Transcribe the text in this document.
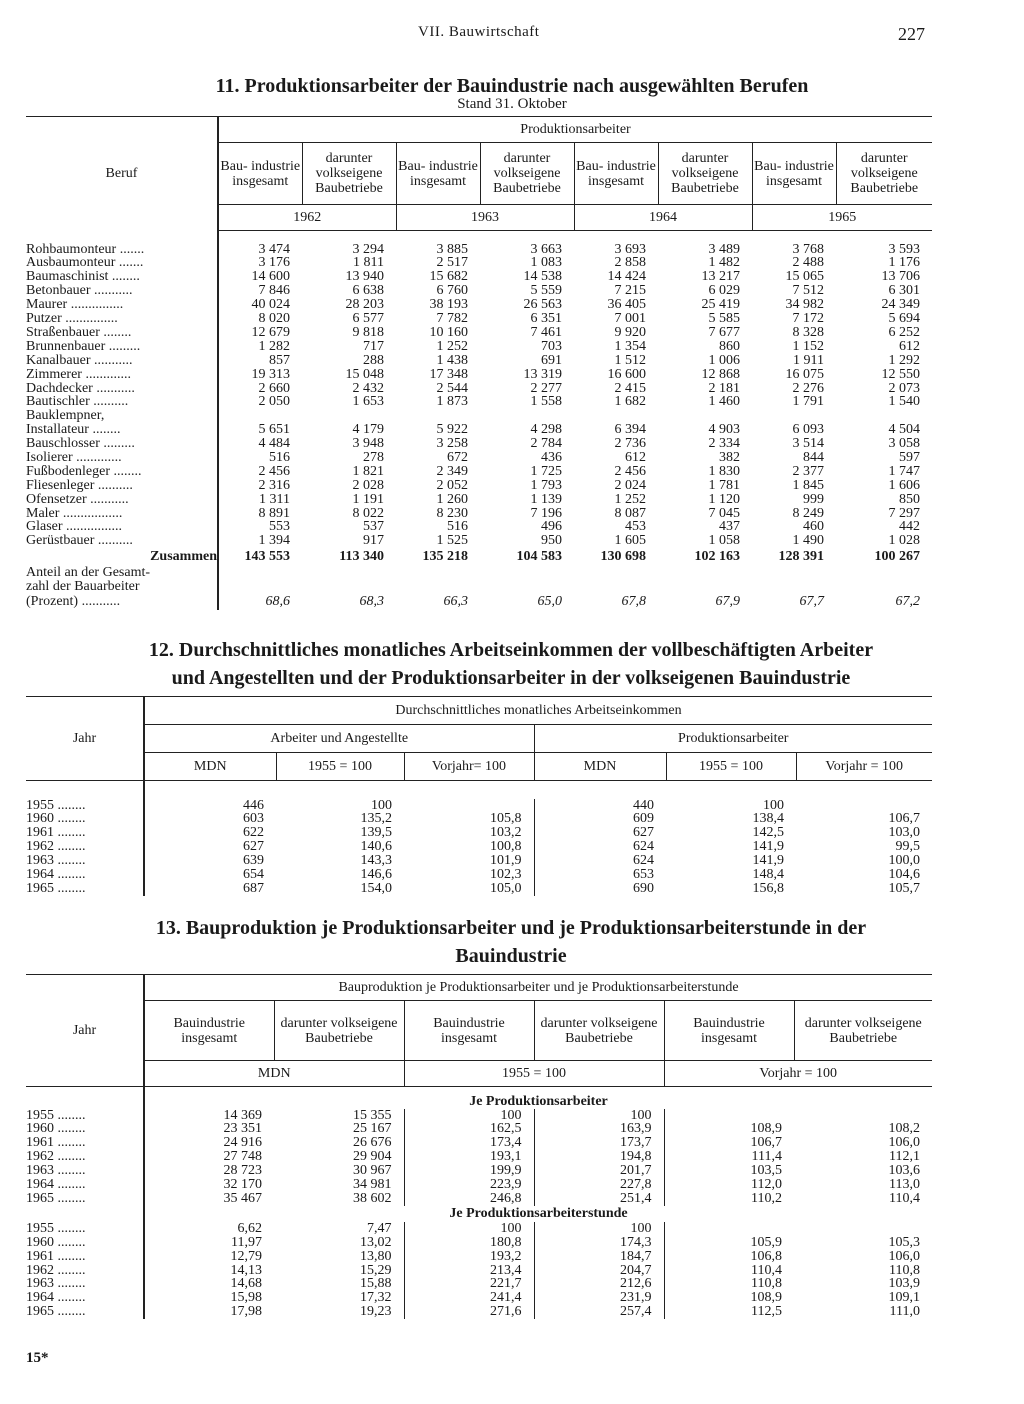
VII. Bauwirtschaft	227
11. Produktionsarbeiter der Bauindustrie nach ausgewählten Berufen
Stand 31. Oktober
Beruf	Produktionsarbeiter							
	Bau- industrie insgesamt	darunter volkseigene Baubetriebe	Bau- industrie insgesamt	darunter volkseigene Baubetriebe	Bau- industrie insgesamt	darunter volkseigene Baubetriebe	Bau- industrie insgesamt	darunter volkseigene Baubetriebe
	1962		1963		1964		1965	

Rohbaumonteur .......	3 474	3 294	3 885	3 663	3 693	3 489	3 768	3 593
Ausbaumonteur .......	3 176	1 811	2 517	1 083	2 858	1 482	2 488	1 176
Baumaschinist ........	14 600	13 940	15 682	14 538	14 424	13 217	15 065	13 706
Betonbauer ...........	7 846	6 638	6 760	5 559	7 215	6 029	7 512	6 301
Maurer ...............	40 024	28 203	38 193	26 563	36 405	25 419	34 982	24 349
Putzer ...............	8 020	6 577	7 782	6 351	7 001	5 585	7 172	5 694
Straßenbauer ........	12 679	9 818	10 160	7 461	9 920	7 677	8 328	6 252
Brunnenbauer .........	1 282	717	1 252	703	1 354	860	1 152	612
Kanalbauer ...........	857	288	1 438	691	1 512	1 006	1 911	1 292
Zimmerer .............	19 313	15 048	17 348	13 319	16 600	12 868	16 075	12 550
Dachdecker ...........	2 660	2 432	2 544	2 277	2 415	2 181	2 276	2 073
Bautischler ..........	2 050	1 653	1 873	1 558	1 682	1 460	1 791	1 540
Bauklempner,								
Installateur ........	5 651	4 179	5 922	4 298	6 394	4 903	6 093	4 504
Bauschlosser .........	4 484	3 948	3 258	2 784	2 736	2 334	3 514	3 058
Isolierer .............	516	278	672	436	612	382	844	597
Fußbodenleger ........	2 456	1 821	2 349	1 725	2 456	1 830	2 377	1 747
Fliesenleger ..........	2 316	2 028	2 052	1 793	2 024	1 781	1 845	1 606
Ofensetzer ...........	1 311	1 191	1 260	1 139	1 252	1 120	999	850
Maler .................	8 891	8 022	8 230	7 196	8 087	7 045	8 249	7 297
Glaser ................	553	537	516	496	453	437	460	442
Gerüstbauer ..........	1 394	917	1 525	950	1 605	1 058	1 490	1 028
Zusammen	143 553	113 340	135 218	104 583	130 698	102 163	128 391	100 267
Anteil an der Gesamt-								
zahl der Bauarbeiter								
(Prozent) ...........	68,6	68,3	66,3	65,0	67,8	67,9	67,7	67,2
12. Durchschnittliches monatliches Arbeitseinkommen der vollbeschäftigten Arbeiter
und Angestellten und der Produktionsarbeiter in der volkseigenen Bauindustrie
Jahr	Durchschnittliches monatliches Arbeitseinkommen					
	Arbeiter und Angestellte			Produktionsarbeiter		
	MDN	1955 = 100	Vorjahr= 100	MDN	1955 = 100	Vorjahr = 100

1955 ........	446	100		440	100	
1960 ........	603	135,2	105,8	609	138,4	106,7
1961 ........	622	139,5	103,2	627	142,5	103,0
1962 ........	627	140,6	100,8	624	141,9	99,5
1963 ........	639	143,3	101,9	624	141,9	100,0
1964 ........	654	146,6	102,3	653	148,4	104,6
1965 ........	687	154,0	105,0	690	156,8	105,7
13. Bauproduktion je Produktionsarbeiter und je Produktionsarbeiterstunde in der
Bauindustrie
Jahr	Bauproduktion je Produktionsarbeiter und je Produktionsarbeiterstunde					
	Bauindustrie insgesamt	darunter volkseigene Baubetriebe	Bauindustrie insgesamt	darunter volkseigene Baubetriebe	Bauindustrie insgesamt	darunter volkseigene Baubetriebe
	MDN		1955 = 100		Vorjahr = 100	
	Je Produktionsarbeiter					
1955 ........	14 369	15 355	100	100		
1960 ........	23 351	25 167	162,5	163,9	108,9	108,2
1961 ........	24 916	26 676	173,4	173,7	106,7	106,0
1962 ........	27 748	29 904	193,1	194,8	111,4	112,1
1963 ........	28 723	30 967	199,9	201,7	103,5	103,6
1964 ........	32 170	34 981	223,9	227,8	112,0	113,0
1965 ........	35 467	38 602	246,8	251,4	110,2	110,4
	Je Produktionsarbeiterstunde					
1955 ........	6,62	7,47	100	100		
1960 ........	11,97	13,02	180,8	174,3	105,9	105,3
1961 ........	12,79	13,80	193,2	184,7	106,8	106,0
1962 ........	14,13	15,29	213,4	204,7	110,4	110,8
1963 ........	14,68	15,88	221,7	212,6	110,8	103,9
1964 ........	15,98	17,32	241,4	231,9	108,9	109,1
1965 ........	17,98	19,23	271,6	257,4	112,5	111,0
15*
